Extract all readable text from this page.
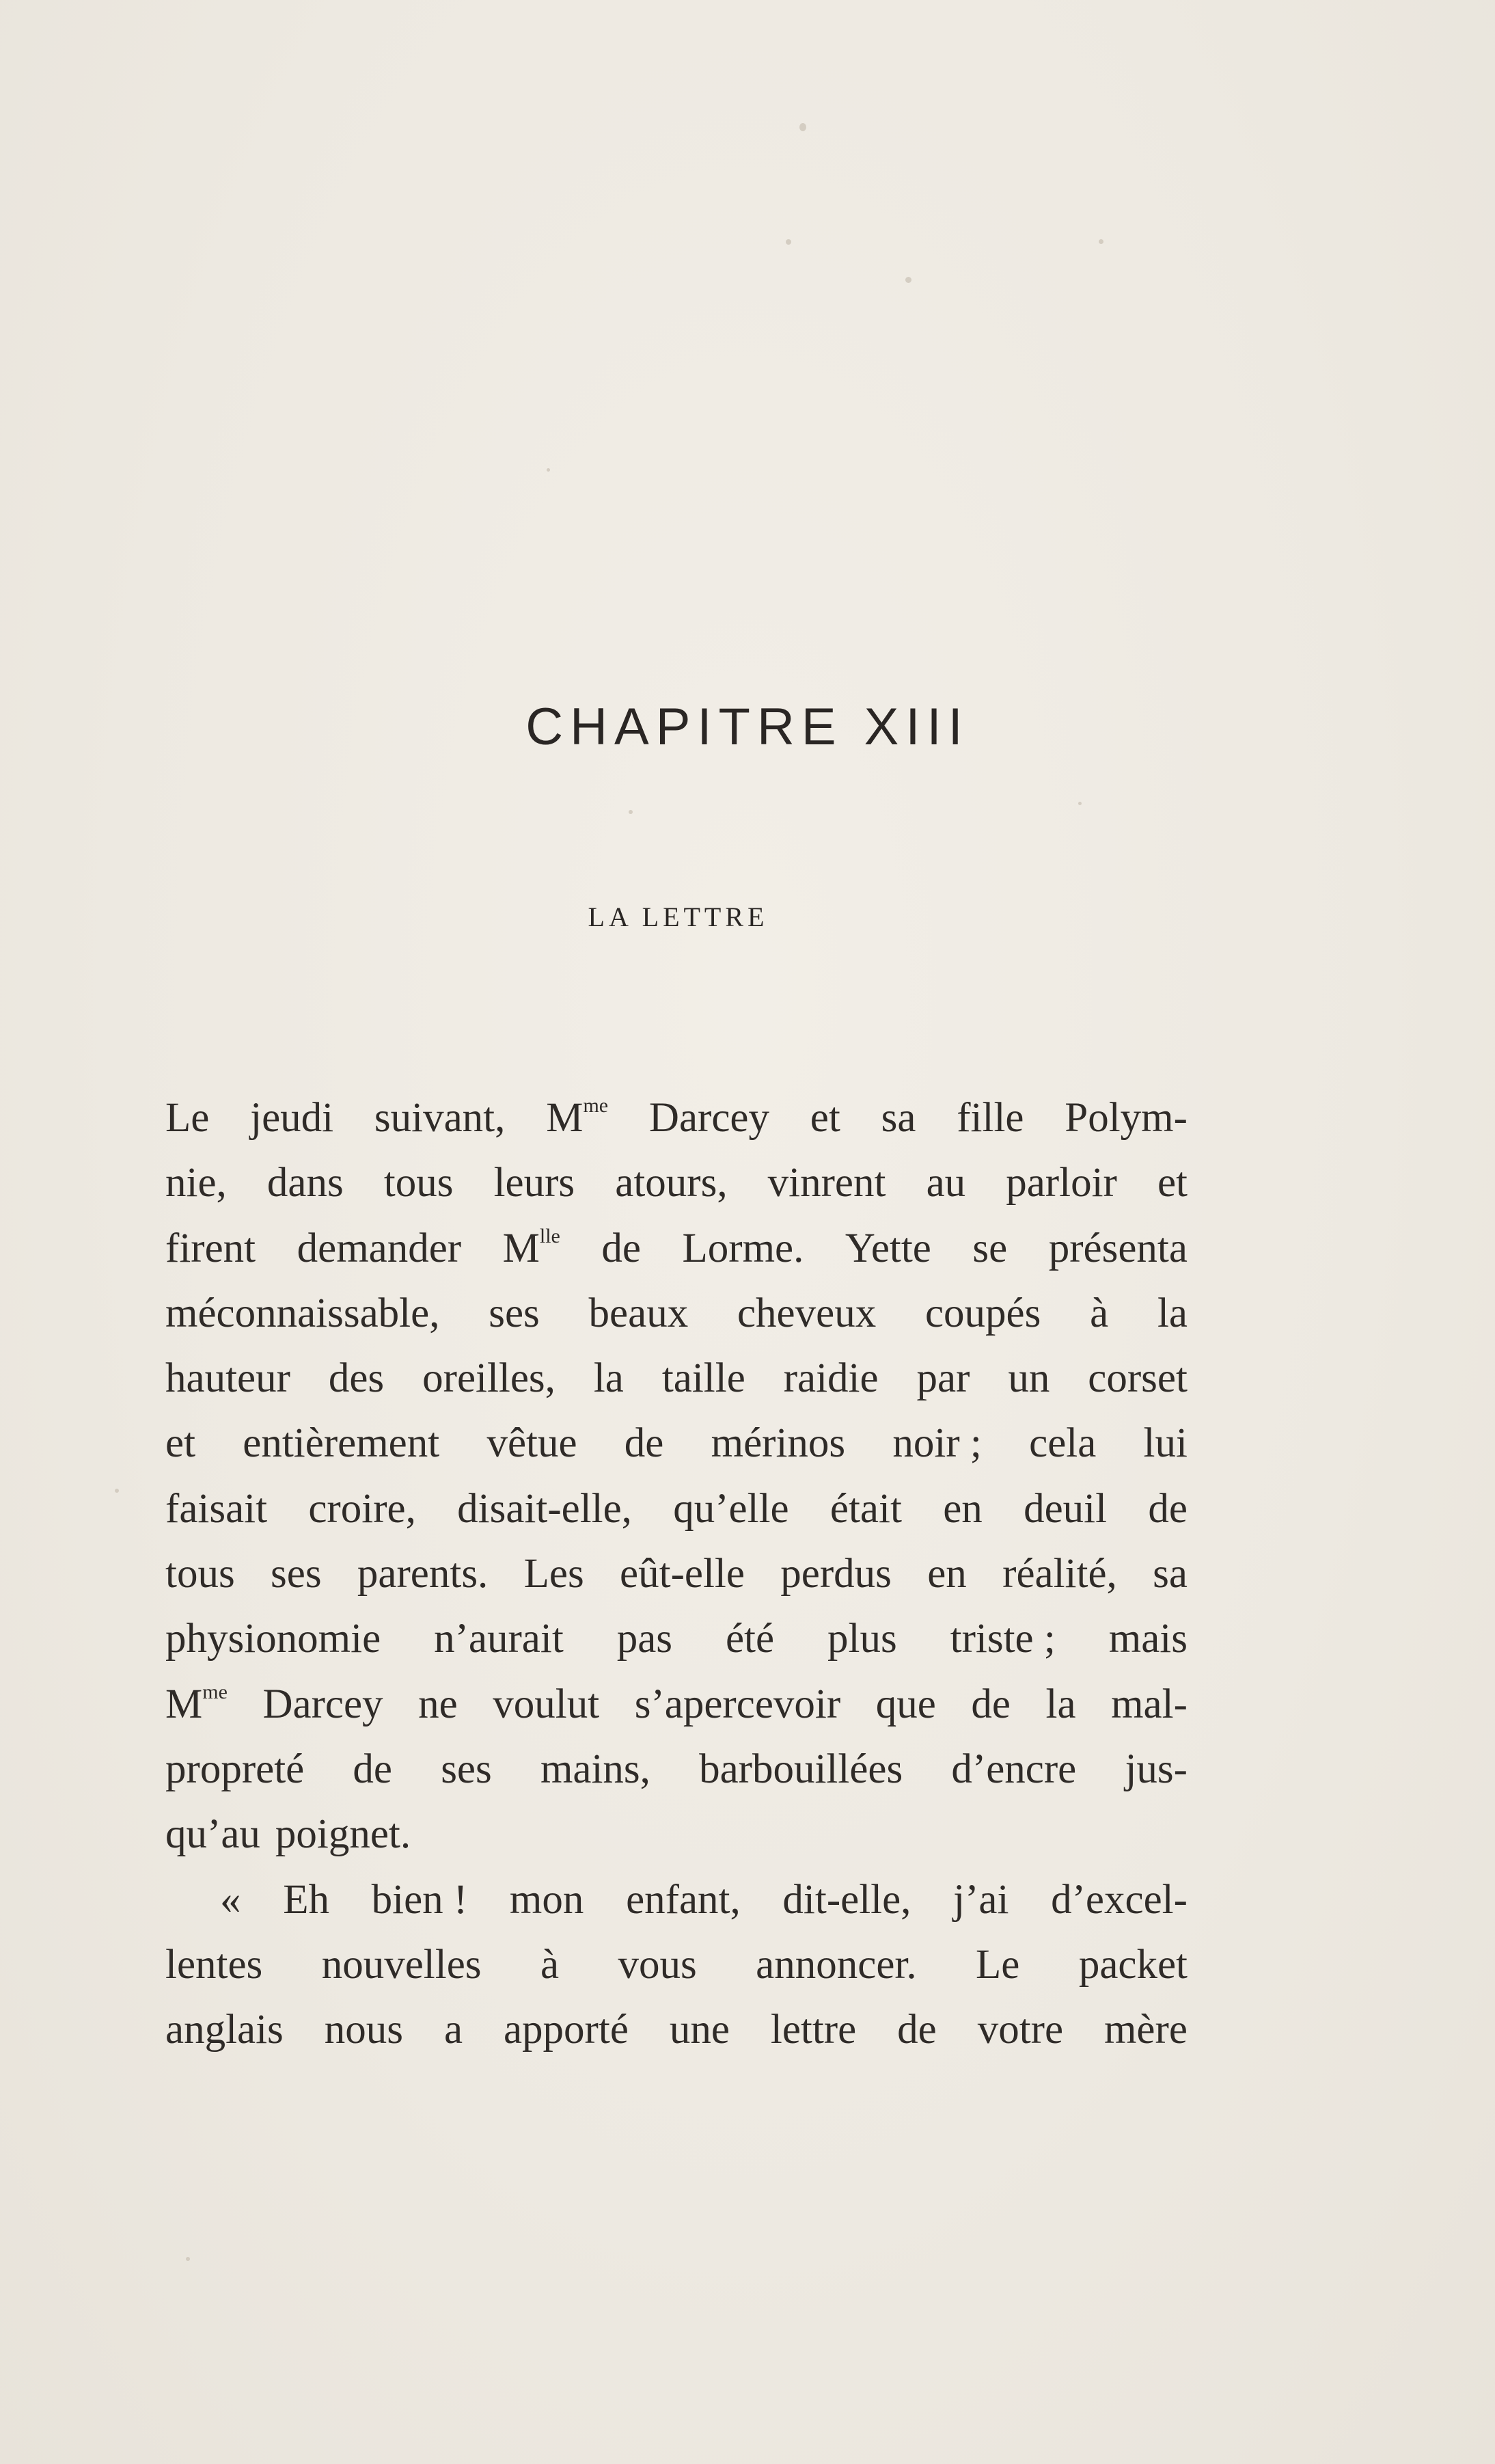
CHAPITRE XIII
LA LETTRE
Le jeudi suivant, $M^{me}$ Darcey et sa fille Polym-
nie, dans tous leurs atours, vinrent au parloir et
firent demander $M^{lle}$ de Lorme. Yette se présenta
méconnaissable, ses beaux cheveux coupés à la
hauteur des oreilles, la taille raidie par un corset
et entièrement vêtue de mérinos noir ; cela lui
faisait croire, disait-elle, qu’elle était en deuil de
tous ses parents. Les eût-elle perdus en réalité, sa
physionomie n’aurait pas été plus triste ; mais
$M^{me}$ Darcey ne voulut s’apercevoir que de la mal-
propreté de ses mains, barbouillées d’encre jus-
qu’au poignet.
« Eh bien ! mon enfant, dit-elle, j’ai d’excel-
lentes nouvelles à vous annoncer. Le packet
anglais nous a apporté une lettre de votre mère
